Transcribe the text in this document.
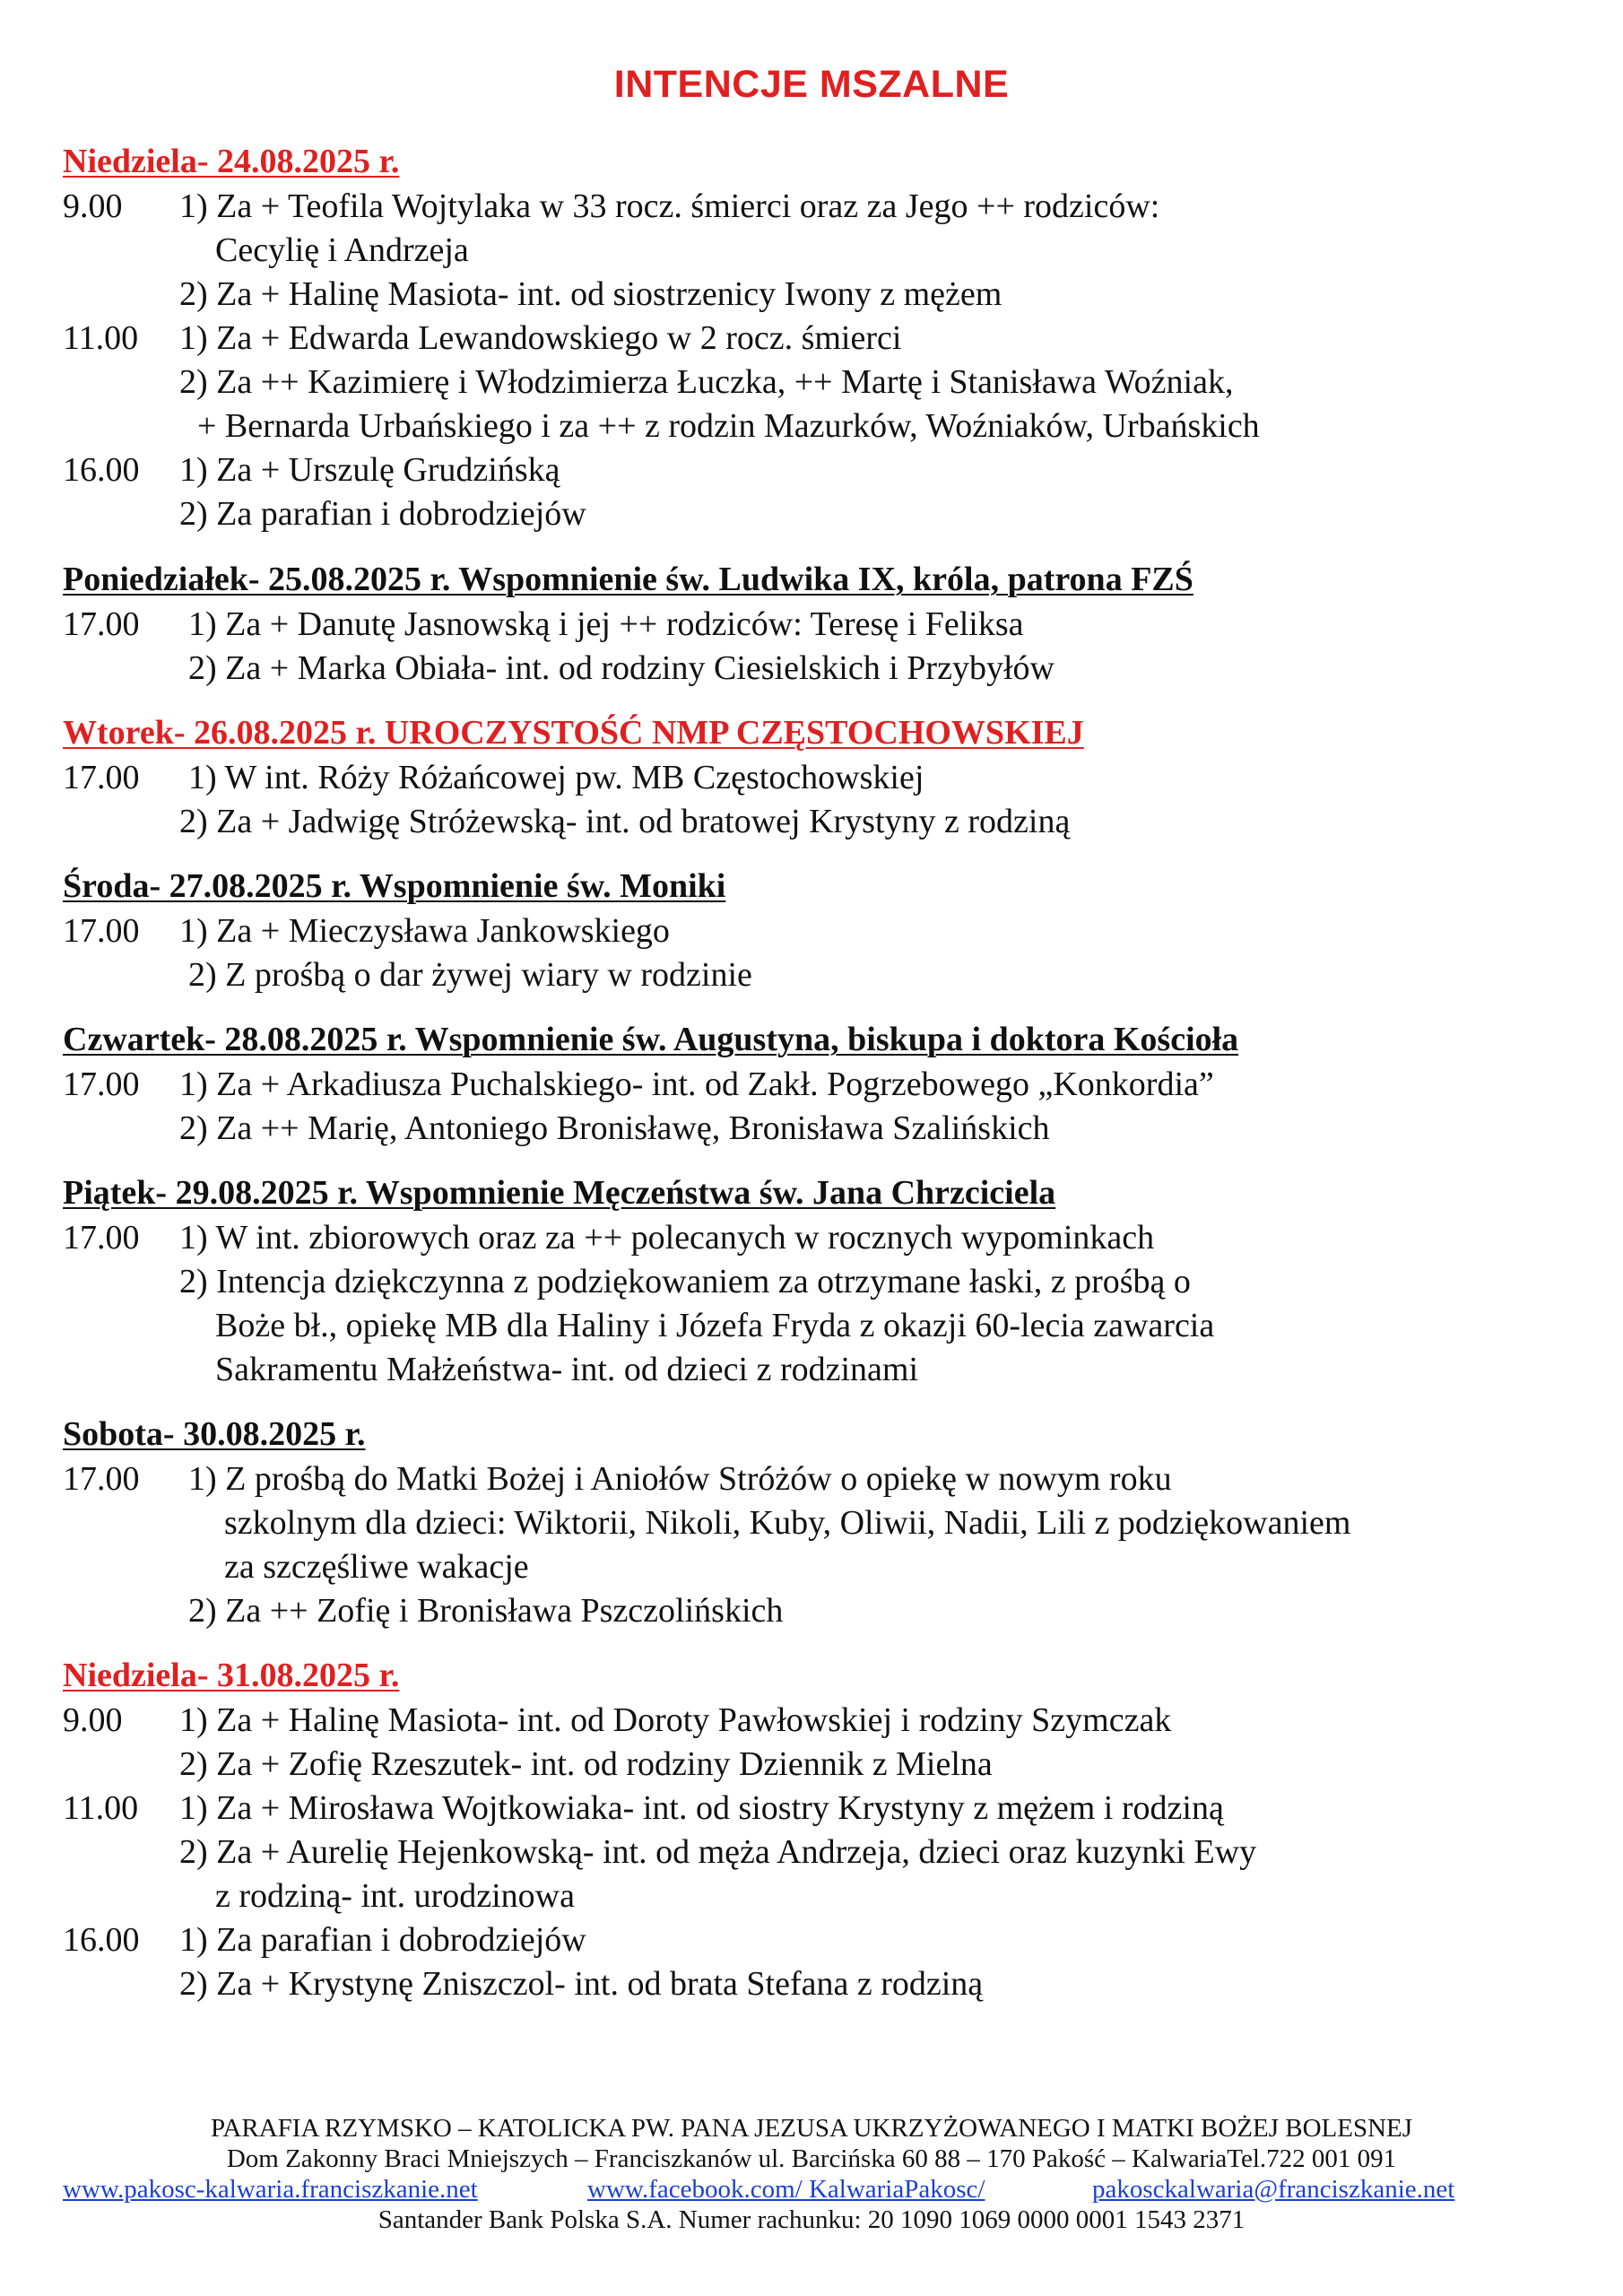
INTENCJE MSZALNE
Niedziela- 24.08.2025 r.
9.00 1) Za + Teofila Wojtylaka w 33 rocz. śmierci oraz za Jego ++ rodziców:
Cecylię i Andrzeja
2) Za + Halinę Masiota- int. od siostrzenicy Iwony z mężem
11.00 1) Za + Edwarda Lewandowskiego w 2 rocz. śmierci
2) Za ++ Kazimierę i Włodzimierza Łuczka, ++ Martę i Stanisława Woźniak,
+ Bernarda Urbańskiego i za ++ z rodzin Mazurków, Woźniaków, Urbańskich
16.00 1) Za + Urszulę Grudzińską
2) Za parafian i dobrodziejów
Poniedziałek- 25.08.2025 r. Wspomnienie św. Ludwika IX, króla, patrona FZŚ
17.00 1) Za + Danutę Jasnowską i jej ++ rodziców: Teresę i Feliksa
2) Za + Marka Obiała- int. od rodziny Ciesielskich i Przybyłów
Wtorek- 26.08.2025 r. UROCZYSTOŚĆ NMP CZĘSTOCHOWSKIEJ
17.00 1) W int. Róży Różańcowej pw. MB Częstochowskiej
2) Za + Jadwigę Stróżewską- int. od bratowej Krystyny z rodziną
Środa- 27.08.2025 r. Wspomnienie św. Moniki
17.00 1) Za + Mieczysława Jankowskiego
2) Z prośbą o dar żywej wiary w rodzinie
Czwartek- 28.08.2025 r. Wspomnienie św. Augustyna, biskupa i doktora Kościoła
17.00 1) Za + Arkadiusza Puchalskiego- int. od Zakł. Pogrzebowego „Konkordia”
2) Za ++ Marię, Antoniego Bronisławę, Bronisława Szalińskich
Piątek- 29.08.2025 r. Wspomnienie Męczeństwa św. Jana Chrzciciela
17.00 1) W int. zbiorowych oraz za ++ polecanych w rocznych wypominkach
2) Intencja dziękczynna z podziękowaniem za otrzymane łaski, z prośbą o
Boże bł., opiekę MB dla Haliny i Józefa Fryda z okazji 60-lecia zawarcia
Sakramentu Małżeństwa- int. od dzieci z rodzinami
Sobota- 30.08.2025 r.
17.00 1) Z prośbą do Matki Bożej i Aniołów Stróżów o opiekę w nowym roku
szkolnym dla dzieci: Wiktorii, Nikoli, Kuby, Oliwii, Nadii, Lili z podziękowaniem
za szczęśliwe wakacje
2) Za ++ Zofię i Bronisława Pszczolińskich
Niedziela- 31.08.2025 r.
9.00 1) Za + Halinę Masiota- int. od Doroty Pawłowskiej i rodziny Szymczak
2) Za + Zofię Rzeszutek- int. od rodziny Dziennik z Mielna
11.00 1) Za + Mirosława Wojtkowiaka- int. od siostry Krystyny z mężem i rodziną
2) Za + Aurelię Hejenkowską- int. od męża Andrzeja, dzieci oraz kuzynki Ewy
z rodziną- int. urodzinowa
16.00 1) Za parafian i dobrodziejów
2) Za + Krystynę Zniszczol- int. od brata Stefana z rodziną
PARAFIA RZYMSKO – KATOLICKA PW. PANA JEZUSA UKRZYŻOWANEGO I MATKI BOŻEJ BOLESNEJ
Dom Zakonny Braci Mniejszych – Franciszkanów ul. Barcińska 60 88 – 170 Pakość – KalwariaTel.722 001 091
www.pakosc-kalwaria.franciszkanie.net	www.facebook.com/ KalwariaPakosc/	pakosckalwaria@franciszkanie.net
Santander Bank Polska S.A. Numer rachunku: 20 1090 1069 0000 0001 1543 2371
